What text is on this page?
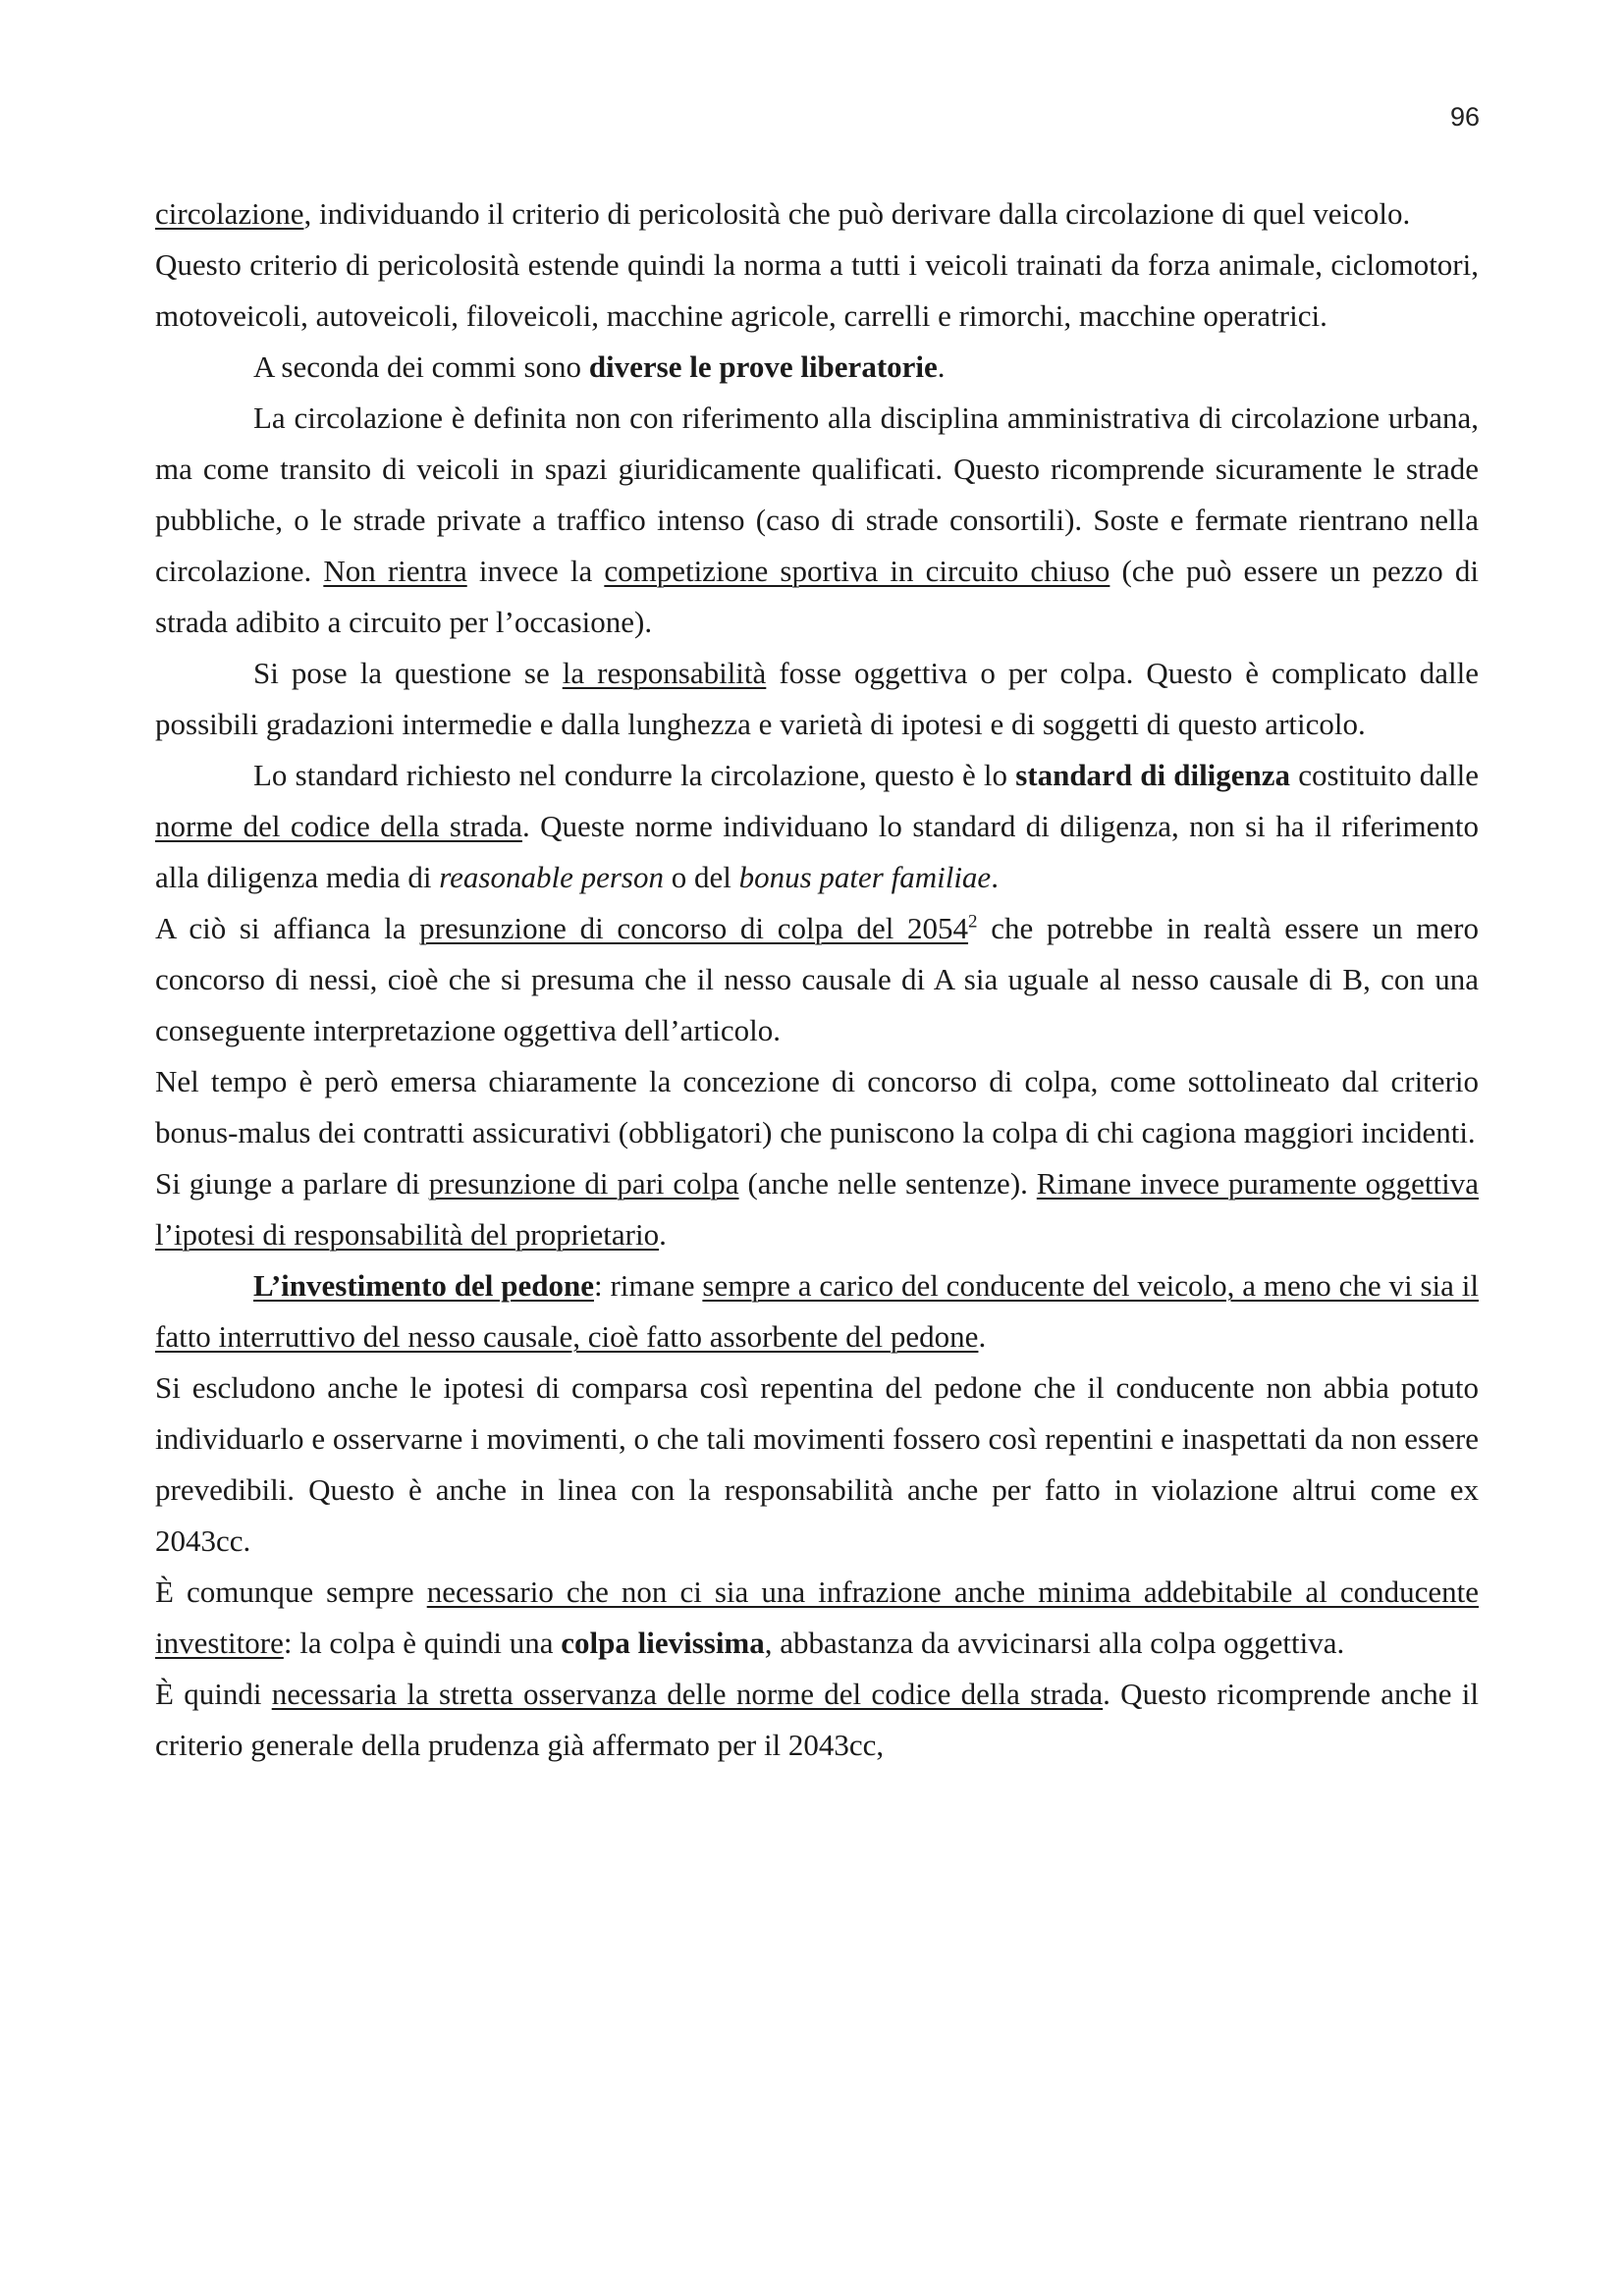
96

circolazione, individuando il criterio di pericolosità che può derivare dalla circolazione di quel veicolo.

Questo criterio di pericolosità estende quindi la norma a tutti i veicoli trainati da forza animale, ciclomotori, motoveicoli, autoveicoli, filoveicoli, macchine agricole, carrelli e rimorchi, macchine operatrici.

A seconda dei commi sono diverse le prove liberatorie.

La circolazione è definita non con riferimento alla disciplina amministrativa di circolazione urbana, ma come transito di veicoli in spazi giuridicamente qualificati. Questo ricomprende sicuramente le strade pubbliche, o le strade private a traffico intenso (caso di strade consortili). Soste e fermate rientrano nella circolazione. Non rientra invece la competizione sportiva in circuito chiuso (che può essere un pezzo di strada adibito a circuito per l’occasione).

Si pose la questione se la responsabilità fosse oggettiva o per colpa. Questo è complicato dalle possibili gradazioni intermedie e dalla lunghezza e varietà di ipotesi e di soggetti di questo articolo.

Lo standard richiesto nel condurre la circolazione, questo è lo standard di diligenza costituito dalle norme del codice della strada. Queste norme individuano lo standard di diligenza, non si ha il riferimento alla diligenza media di reasonable person o del bonus pater familiae.

A ciò si affianca la presunzione di concorso di colpa del 2054$^2$ che potrebbe in realtà essere un mero concorso di nessi, cioè che si presuma che il nesso causale di A sia uguale al nesso causale di B, con una conseguente interpretazione oggettiva dell’articolo.

Nel tempo è però emersa chiaramente la concezione di concorso di colpa, come sottolineato dal criterio bonus-malus dei contratti assicurativi (obbligatori) che puniscono la colpa di chi cagiona maggiori incidenti.

Si giunge a parlare di presunzione di pari colpa (anche nelle sentenze). Rimane invece puramente oggettiva l’ipotesi di responsabilità del proprietario.

L’investimento del pedone: rimane sempre a carico del conducente del veicolo, a meno che vi sia il fatto interruttivo del nesso causale, cioè fatto assorbente del pedone.

Si escludono anche le ipotesi di comparsa così repentina del pedone che il conducente non abbia potuto individuarlo e osservarne i movimenti, o che tali movimenti fossero così repentini e inaspettati da non essere prevedibili. Questo è anche in linea con la responsabilità anche per fatto in violazione altrui come ex 2043cc.

È comunque sempre necessario che non ci sia una infrazione anche minima addebitabile al conducente investitore: la colpa è quindi una colpa lievissima, abbastanza da avvicinarsi alla colpa oggettiva.

È quindi necessaria la stretta osservanza delle norme del codice della strada. Questo ricomprende anche il criterio generale della prudenza già affermato per il 2043cc,
